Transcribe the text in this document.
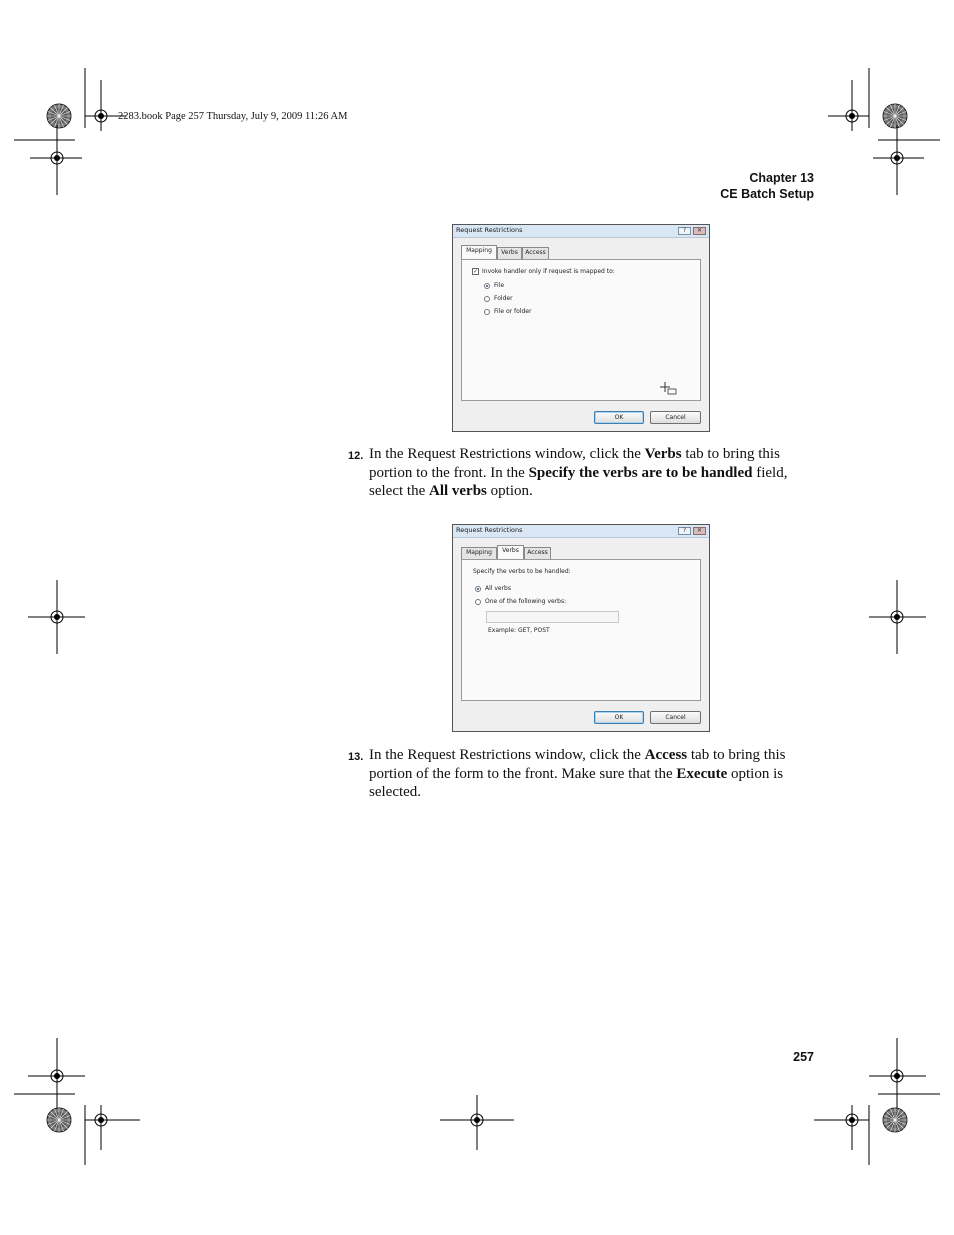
2283.book Page 257 Thursday, July 9, 2009 11:26 AM
Chapter 13
CE Batch Setup
Request Restrictions	?	✕
Mapping	Verbs	Access
✓ Invoke handler only if request is mapped to:
File
Folder
File or folder
OK	Cancel
12. In the Request Restrictions window, click the Verbs tab to bring this portion to the front. In the Specify the verbs are to be handled field, select the All verbs option.
Request Restrictions	?	✕
Mapping	Verbs	Access
Specify the verbs to be handled:
All verbs
One of the following verbs:
Example: GET, POST
OK	Cancel
13. In the Request Restrictions window, click the Access tab to bring this portion of the form to the front. Make sure that the Execute option is selected.
257
